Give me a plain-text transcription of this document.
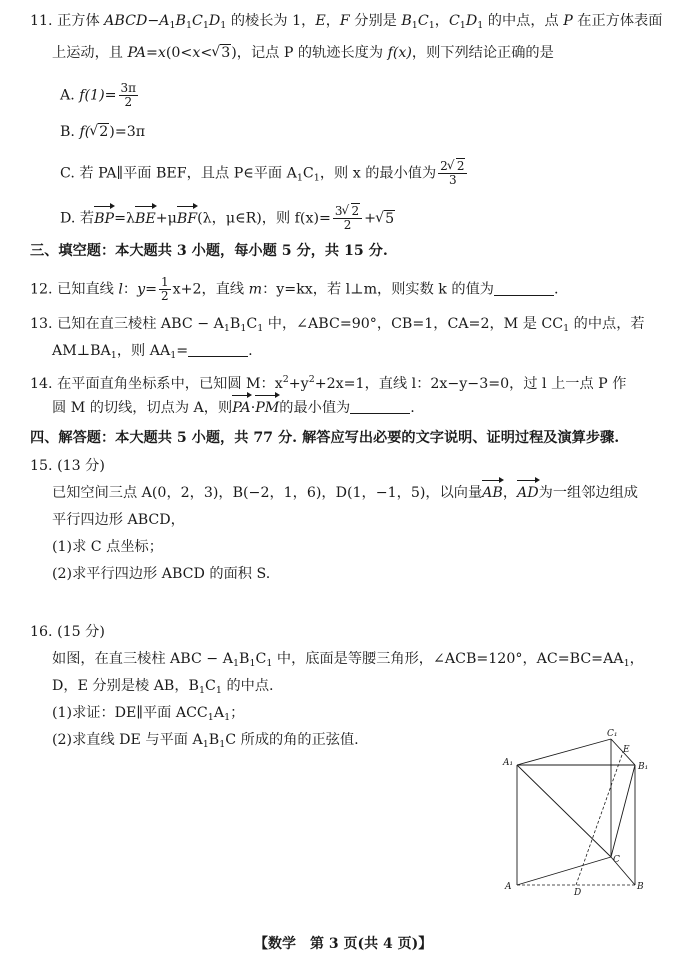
11. 正方体 $ABCD-A_1B_1C_1D_1$ 的棱长为 1，E，F 分别是 $B_1C_1$，$C_1D_1$ 的中点，点 P 在正方体表面
上运动，且 PA=x(0<x< √ 3)，记点 P 的轨迹长度为 f(x)，则下列结论正确的是
A. $f(1)= \frac{3\pi}{2}$
B. f( √ 2)=3π
C. 若 PA∥平面 BEF，且点 P∈平面 $A_1C_1$，则 x 的最小值为 $\frac{2 √ 2}{3}$
D. 若BP=λBE+μBF(λ，μ∈R)，则 $f(x)= \frac{3 √ 2}{2}$ + √ 5
三、填空题：本大题共 3 小题，每小题 5 分，共 15 分.
12. 已知直线 l：$y= \frac{1}{2} x+2$，直线 m：y=kx，若 l⊥m，则实数 k 的值为	.
13. 已知在直三棱柱 ABC − $A_1B_1C_1$ 中，∠ABC=90°，CB=1，CA=2，M 是 $CC_1$ 的中点，若
$AM\perp BA_1$，则 $AA_1=$	.
14. 在平面直角坐标系中，已知圆 M：$x^2+y^2+2x=1$，直线 l：2x−y−3=0，过 l 上一点 P 作
圆 M 的切线，切点为 A，则PA·PM的最小值为	.
四、解答题：本大题共 5 小题，共 77 分. 解答应写出必要的文字说明、证明过程及演算步骤.
15. (13 分)
已知空间三点 A(0，2，3)，B(−2，1，6)，D(1，−1，5)，以向量AB，AD为一组邻边组成
平行四边形 ABCD，
(1)求 C 点坐标；
(2)求平行四边形 ABCD 的面积 S.
16. (15 分)
如图，在直三棱柱 ABC − $A_1B_1C_1$ 中，底面是等腰三角形，∠ACB=120°，$AC=BC=AA_1$，
D，E 分别是棱 AB，$B_1C_1$ 的中点.
(1)求证：DE∥平面 $ACC_1A_1$；
(2)求直线 DE 与平面 $A_1B_1C$ 所成的角的正弦值.
A₁
C₁
E
B₁
C
A
D
B
【数学　第 3 页(共 4 页)】
